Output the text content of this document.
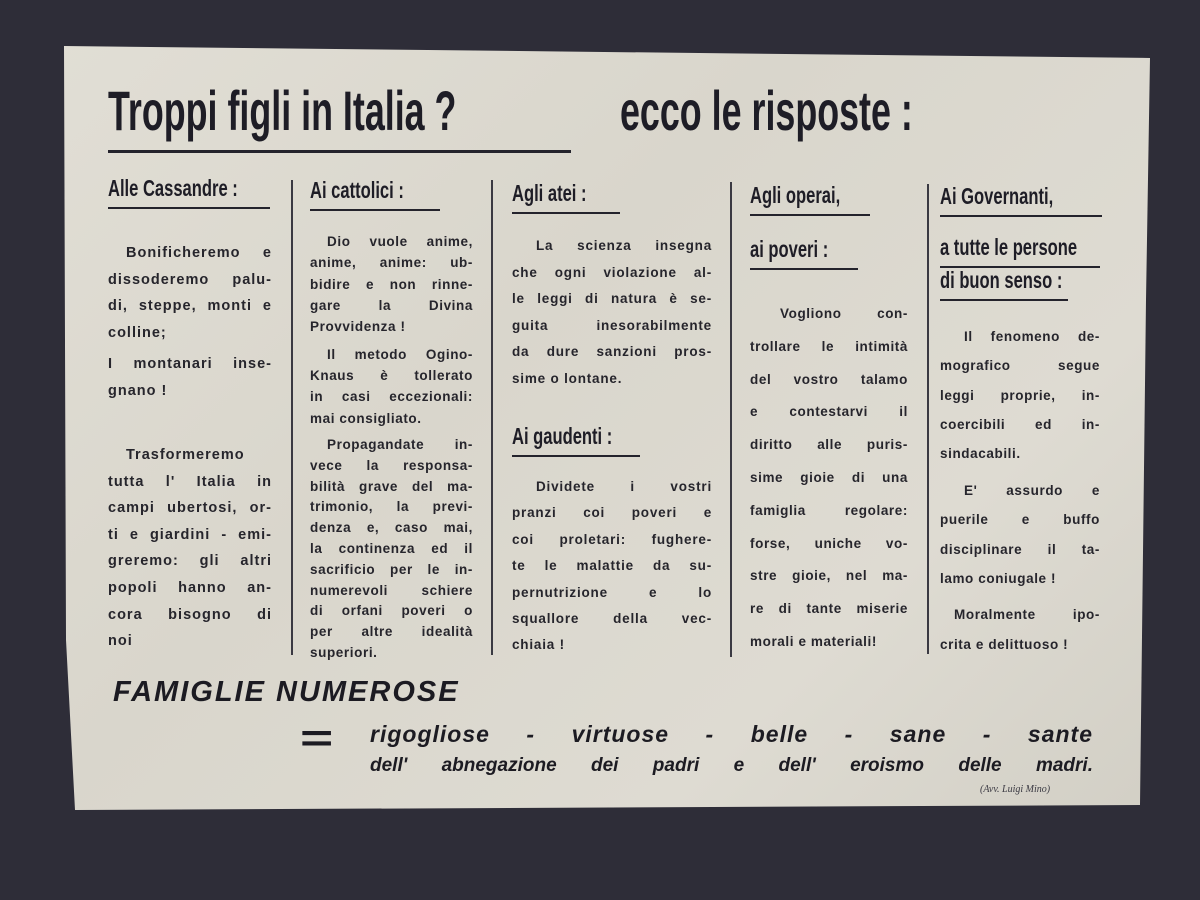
Troppi figli in Italia ?	ecco le risposte :
Alle Cassandre :
Bonificheremo e
dissoderemo palu-
di, steppe, monti e
colline;
I montanari inse-
gnano !
Trasformeremo
tutta l' Italia in
campi ubertosi, or-
ti e giardini - emi-
greremo: gli altri
popoli hanno an-
cora bisogno di
noi
Ai cattolici :
Dio vuole anime,
anime, anime: ub-
bidire e non rinne-
gare la Divina
Provvidenza !
Il metodo Ogino-
Knaus è tollerato
in casi eccezionali:
mai consigliato.
Propagandate in-
vece la responsa-
bilità grave del ma-
trimonio, la previ-
denza e, caso mai,
la continenza ed il
sacrificio per le in-
numerevoli schiere
di orfani poveri o
per altre idealità
superiori.
Agli atei :
Ai gaudenti :
La scienza insegna
che ogni violazione al-
le leggi di natura è se-
guita inesorabilmente
da dure sanzioni pros-
sime o lontane.
Dividete i vostri
pranzi coi poveri e
coi proletari: fughere-
te le malattie da su-
pernutrizione e lo
squallore della vec-
chiaia !
Agli operai,
ai poveri :
Vogliono con-
trollare le intimità
del vostro talamo
e contestarvi il
diritto alle puris-
sime gioie di una
famiglia regolare:
forse, uniche vo-
stre gioie, nel ma-
re di tante miserie
morali e materiali!
Ai Governanti,
a tutte le persone
di buon senso :
Il fenomeno de-
mografico segue
leggi proprie, in-
coercibili ed in-
sindacabili.
E' assurdo e
puerile e buffo
disciplinare il ta-
lamo coniugale !
Moralmente ipo-
crita e delittuoso !
FAMIGLIE NUMEROSE
= rigogliose - virtuose - belle - sane - sante
dell' abnegazione dei padri e dell' eroismo delle madri.
(Avv. Luigi Mino)
